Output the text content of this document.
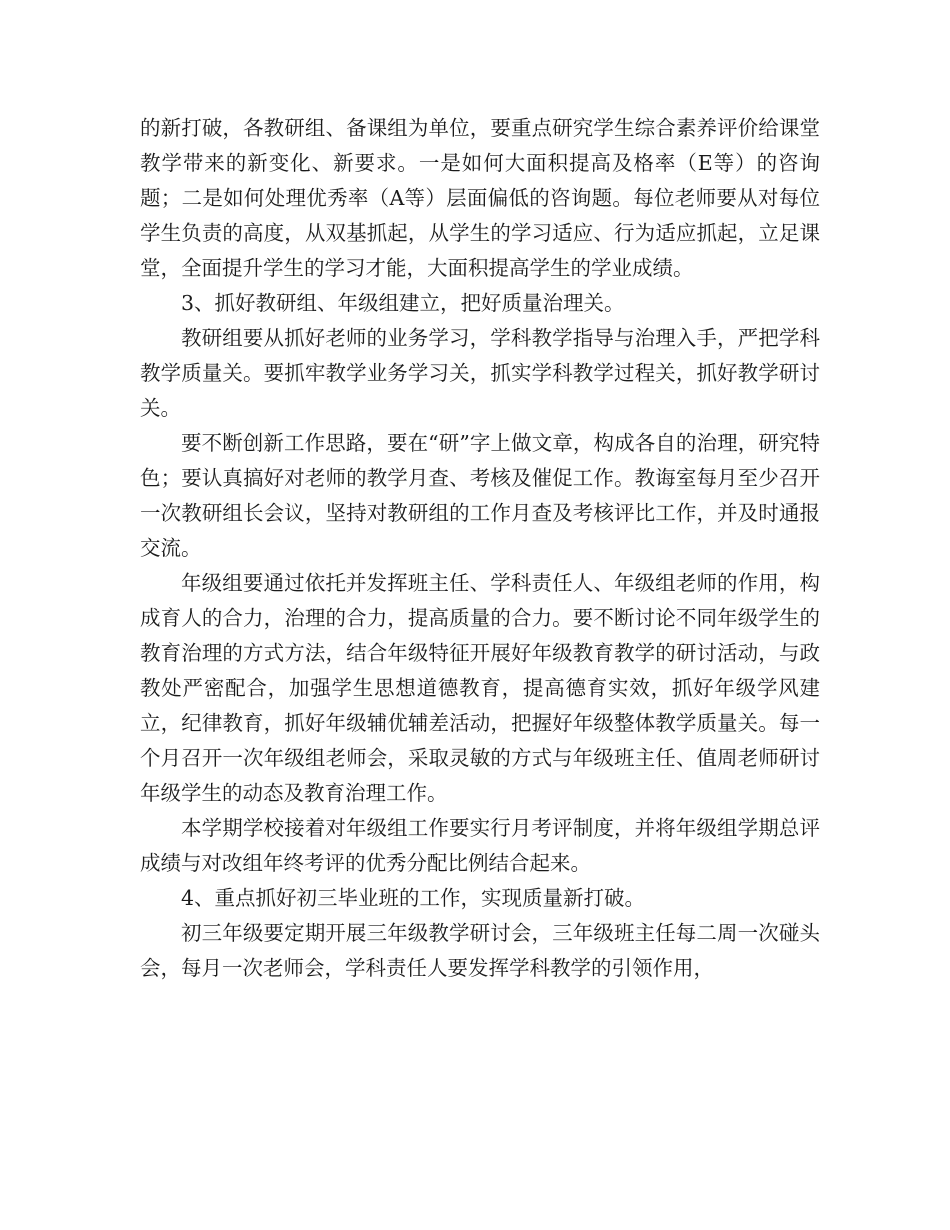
的新打破，各教研组、备课组为单位，要重点研究学生综合素养评价给课堂教学带来的新变化、新要求。一是如何大面积提高及格率（E等）的咨询题；二是如何处理优秀率（A等）层面偏低的咨询题。每位老师要从对每位学生负责的高度，从双基抓起，从学生的学习适应、行为适应抓起，立足课堂，全面提升学生的学习才能，大面积提高学生的学业成绩。

3、抓好教研组、年级组建立，把好质量治理关。

教研组要从抓好老师的业务学习，学科教学指导与治理入手，严把学科教学质量关。要抓牢教学业务学习关，抓实学科教学过程关，抓好教学研讨关。

要不断创新工作思路，要在“研”字上做文章，构成各自的治理，研究特色；要认真搞好对老师的教学月查、考核及催促工作。教诲室每月至少召开一次教研组长会议，坚持对教研组的工作月查及考核评比工作，并及时通报交流。

年级组要通过依托并发挥班主任、学科责任人、年级组老师的作用，构成育人的合力，治理的合力，提高质量的合力。要不断讨论不同年级学生的教育治理的方式方法，结合年级特征开展好年级教育教学的研讨活动，与政教处严密配合，加强学生思想道德教育，提高德育实效，抓好年级学风建立，纪律教育，抓好年级辅优辅差活动，把握好年级整体教学质量关。每一个月召开一次年级组老师会，采取灵敏的方式与年级班主任、值周老师研讨年级学生的动态及教育治理工作。

本学期学校接着对年级组工作要实行月考评制度，并将年级组学期总评成绩与对改组年终考评的优秀分配比例结合起来。

4、重点抓好初三毕业班的工作，实现质量新打破。

初三年级要定期开展三年级教学研讨会，三年级班主任每二周一次碰头会，每月一次老师会，学科责任人要发挥学科教学的引领作用，
